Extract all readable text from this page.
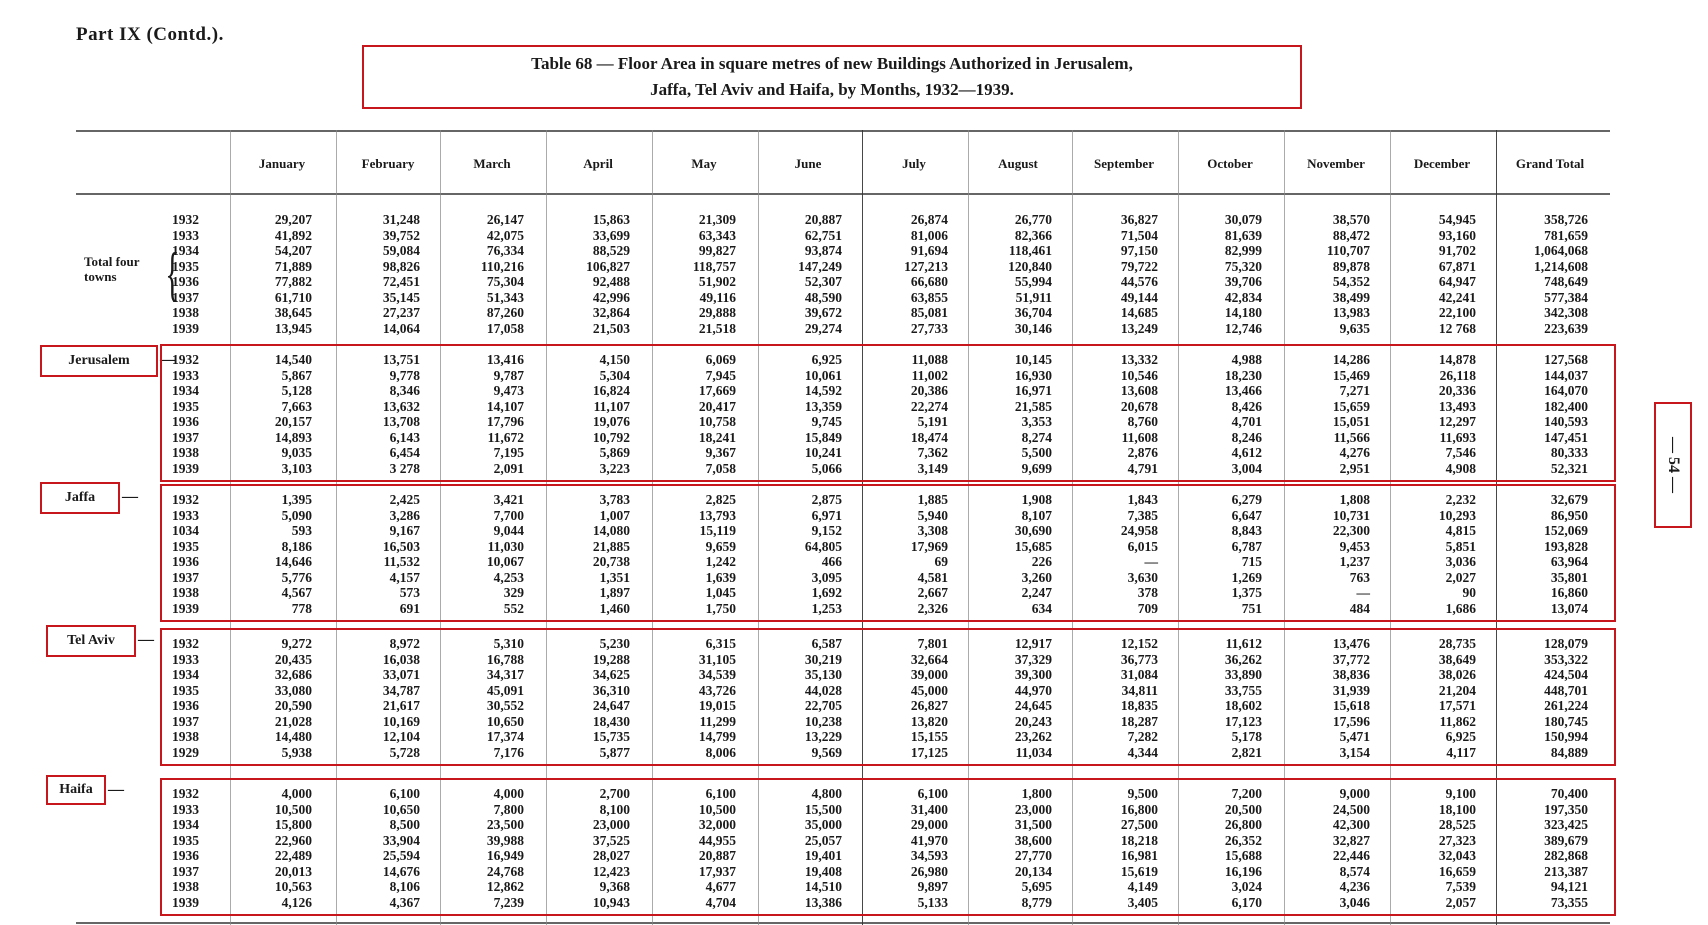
Part IX (Contd.).
Table 68 — Floor Area in square metres of new Buildings Authorized in Jerusalem,
Jaffa, Tel Aviv and Haifa, by Months, 1932—1939.
— 54 —
January	February	March	April	May	June	July	August	September	October	November	December	Grand Total
Total four towns {
1932	29,207	31,248	26,147	15,863	21,309	20,887	26,874	26,770	36,827	30,079	38,570	54,945	358,726
1933	41,892	39,752	42,075	33,699	63,343	62,751	81,006	82,366	71,504	81,639	88,472	93,160	781,659
1934	54,207	59,084	76,334	88,529	99,827	93,874	91,694	118,461	97,150	82,999	110,707	91,702	1,064,068
1935	71,889	98,826	110,216	106,827	118,757	147,249	127,213	120,840	79,722	75,320	89,878	67,871	1,214,608
1936	77,882	72,451	75,304	92,488	51,902	52,307	66,680	55,994	44,576	39,706	54,352	64,947	748,649
1937	61,710	35,145	51,343	42,996	49,116	48,590	63,855	51,911	49,144	42,834	38,499	42,241	577,384
1938	38,645	27,237	87,260	32,864	29,888	39,672	85,081	36,704	14,685	14,180	13,983	22,100	342,308
1939	13,945	14,064	17,058	21,503	21,518	29,274	27,733	30,146	13,249	12,746	9,635	12 768	223,639
Jerusalem —
1932	14,540	13,751	13,416	4,150	6,069	6,925	11,088	10,145	13,332	4,988	14,286	14,878	127,568
1933	5,867	9,778	9,787	5,304	7,945	10,061	11,002	16,930	10,546	18,230	15,469	26,118	144,037
1934	5,128	8,346	9,473	16,824	17,669	14,592	20,386	16,971	13,608	13,466	7,271	20,336	164,070
1935	7,663	13,632	14,107	11,107	20,417	13,359	22,274	21,585	20,678	8,426	15,659	13,493	182,400
1936	20,157	13,708	17,796	19,076	10,758	9,745	5,191	3,353	8,760	4,701	15,051	12,297	140,593
1937	14,893	6,143	11,672	10,792	18,241	15,849	18,474	8,274	11,608	8,246	11,566	11,693	147,451
1938	9,035	6,454	7,195	5,869	9,367	10,241	7,362	5,500	2,876	4,612	4,276	7,546	80,333
1939	3,103	3 278	2,091	3,223	7,058	5,066	3,149	9,699	4,791	3,004	2,951	4,908	52,321
Jaffa —	1932	1,395	2,425	3,421	3,783	2,825	2,875	1,885	1,908	1,843	6,279	1,808	2,232	32,679
1933	5,090	3,286	7,700	1,007	13,793	6,971	5,940	8,107	7,385	6,647	10,731	10,293	86,950
1034	593	9,167	9,044	14,080	15,119	9,152	3,308	30,690	24,958	8,843	22,300	4,815	152,069
1935	8,186	16,503	11,030	21,885	9,659	64,805	17,969	15,685	6,015	6,787	9,453	5,851	193,828
1936	14,646	11,532	10,067	20,738	1,242	466	69	226	—	715	1,237	3,036	63,964
1937	5,776	4,157	4,253	1,351	1,639	3,095	4,581	3,260	3,630	1,269	763	2,027	35,801
1938	4,567	573	329	1,897	1,045	1,692	2,667	2,247	378	1,375	—	90	16,860
1939	778	691	552	1,460	1,750	1,253	2,326	634	709	751	484	1,686	13,074
Tel Aviv — 1932	9,272	8,972	5,310	5,230	6,315	6,587	7,801	12,917	12,152	11,612	13,476	28,735	128,079
1933	20,435	16,038	16,788	19,288	31,105	30,219	32,664	37,329	36,773	36,262	37,772	38,649	353,322
1934	32,686	33,071	34,317	34,625	34,539	35,130	39,000	39,300	31,084	33,890	38,836	38,026	424,504
1935	33,080	34,787	45,091	36,310	43,726	44,028	45,000	44,970	34,811	33,755	31,939	21,204	448,701
1936	20,590	21,617	30,552	24,647	19,015	22,705	26,827	24,645	18,835	18,602	15,618	17,571	261,224
1937	21,028	10,169	10,650	18,430	11,299	10,238	13,820	20,243	18,287	17,123	17,596	11,862	180,745
1938	14,480	12,104	17,374	15,735	14,799	13,229	15,155	23,262	7,282	5,178	5,471	6,925	150,994
1929	5,938	5,728	7,176	5,877	8,006	9,569	17,125	11,034	4,344	2,821	3,154	4,117	84,889
Haifa —	1932	4,000	6,100	4,000	2,700	6,100	4,800	6,100	1,800	9,500	7,200	9,000	9,100	70,400
1933	10,500	10,650	7,800	8,100	10,500	15,500	31,400	23,000	16,800	20,500	24,500	18,100	197,350
1934	15,800	8,500	23,500	23,000	32,000	35,000	29,000	31,500	27,500	26,800	42,300	28,525	323,425
1935	22,960	33,904	39,988	37,525	44,955	25,057	41,970	38,600	18,218	26,352	32,827	27,323	389,679
1936	22,489	25,594	16,949	28,027	20,887	19,401	34,593	27,770	16,981	15,688	22,446	32,043	282,868
1937	20,013	14,676	24,768	12,423	17,937	19,408	26,980	20,134	15,619	16,196	8,574	16,659	213,387
1938	10,563	8,106	12,862	9,368	4,677	14,510	9,897	5,695	4,149	3,024	4,236	7,539	94,121
1939	4,126	4,367	7,239	10,943	4,704	13,386	5,133	8,779	3,405	6,170	3,046	2,057	73,355
